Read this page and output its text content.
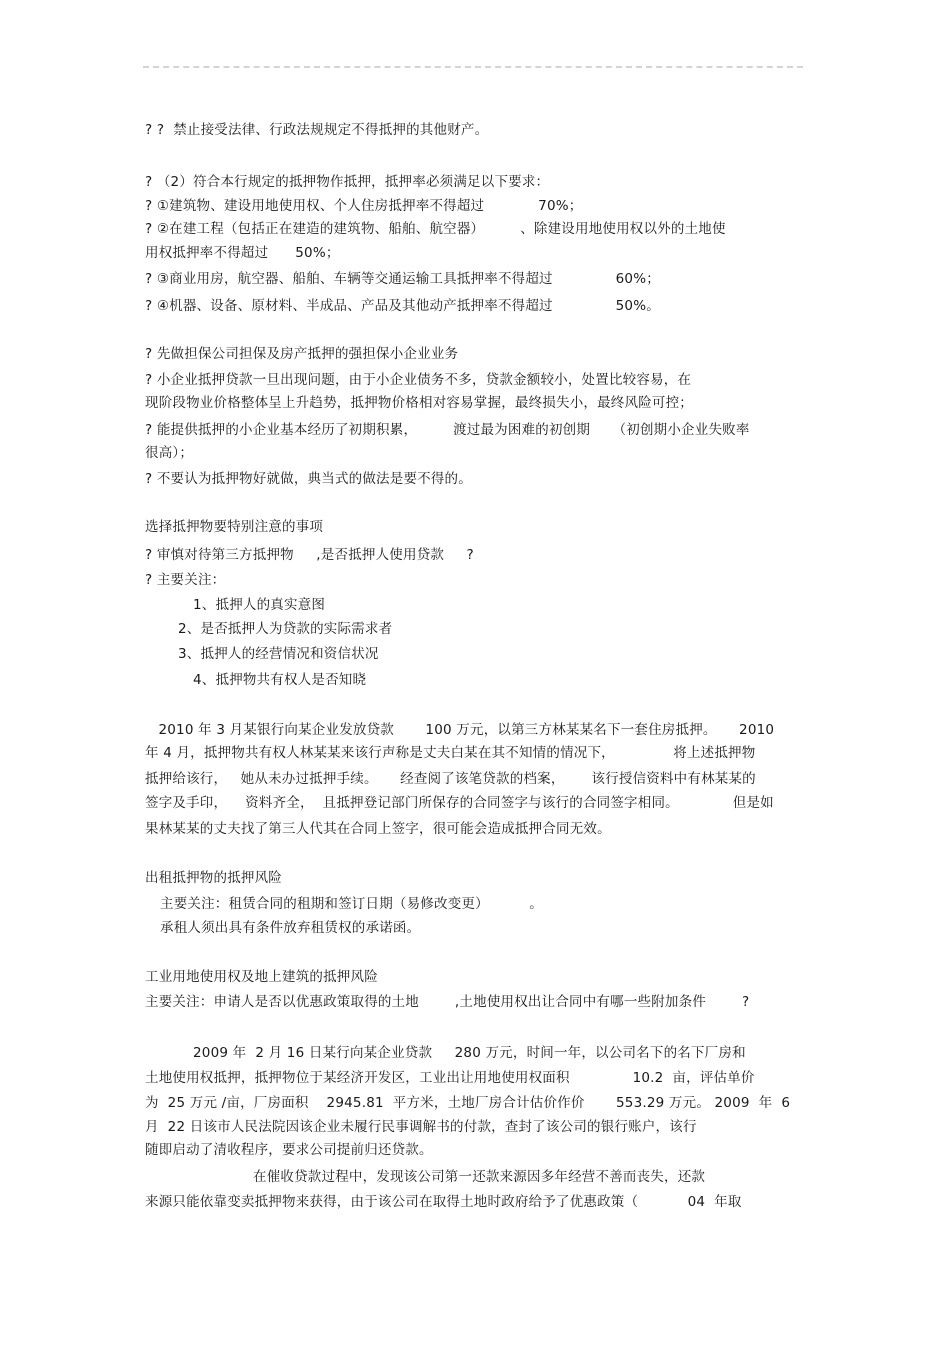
? ?  禁止接受法律、行政法规规定不得抵押的其他财产。
? （2）符合本行规定的抵押物作抵押，抵押率必须满足以下要求：
? ①建筑物、建设用地使用权、个人住房抵押率不得超过            70%；
? ②在建工程（包括正在建造的建筑物、船舶、航空器）        、除建设用地使用权以外的土地使
用权抵押率不得超过      50%；
? ③商业用房，航空器、船舶、车辆等交通运输工具抵押率不得超过              60%；
? ④机器、设备、原材料、半成品、产品及其他动产抵押率不得超过              50%。
? 先做担保公司担保及房产抵押的强担保小企业业务
? 小企业抵押贷款一旦出现问题，由于小企业债务不多，贷款金额较小，处置比较容易，在
现阶段物业价格整体呈上升趋势，抵押物价格相对容易掌握，最终损失小，最终风险可控；
? 能提供抵押的小企业基本经历了初期积累，        渡过最为困难的初创期     （初创期小企业失败率
很高）；
? 不要认为抵押物好就做，典当式的做法是要不得的。
选择抵押物要特别注意的事项
? 审慎对待第三方抵押物     ,是否抵押人使用贷款     ?
? 主要关注：
1、抵押人的真实意图
2、是否抵押人为贷款的实际需求者
3、抵押人的经营情况和资信状况
4、抵押物共有权人是否知晓
2010 年 3 月某银行向某企业发放贷款       100 万元，以第三方林某某名下一套住房抵押。     2010
年 4 月，抵押物共有权人林某某来该行声称是丈夫白某在其不知情的情况下，             将上述抵押物
抵押给该行，   她从未办过抵押手续。     经查阅了该笔贷款的档案，      该行授信资料中有林某某的
签字及手印，    资料齐全，  且抵押登记部门所保存的合同签字与该行的合同签字相同。            但是如
果林某某的丈夫找了第三人代其在合同上签字，很可能会造成抵押合同无效。
出租抵押物的抵押风险
主要关注：租赁合同的租期和签订日期（易修改变更）         。
承租人须出具有条件放弃租赁权的承诺函。
工业用地使用权及地上建筑的抵押风险
主要关注：申请人是否以优惠政策取得的土地        ,土地使用权出让合同中有哪一些附加条件        ?
2009 年  2 月 16 日某行向某企业贷款     280 万元，时间一年，以公司名下的名下厂房和
土地使用权抵押，抵押物位于某经济开发区，工业出让用地使用权面积              10.2  亩，评估单价
为  25 万元 /亩，厂房面积    2945.81  平方米，土地厂房合计估价作价       553.29 万元。 2009  年  6
月  22 日该市人民法院因该企业未履行民事调解书的付款，查封了该公司的银行账户，该行
随即启动了清收程序，要求公司提前归还贷款。
在催收贷款过程中，发现该公司第一还款来源因多年经营不善而丧失，还款
来源只能依靠变卖抵押物来获得，由于该公司在取得土地时政府给予了优惠政策（           04  年取
